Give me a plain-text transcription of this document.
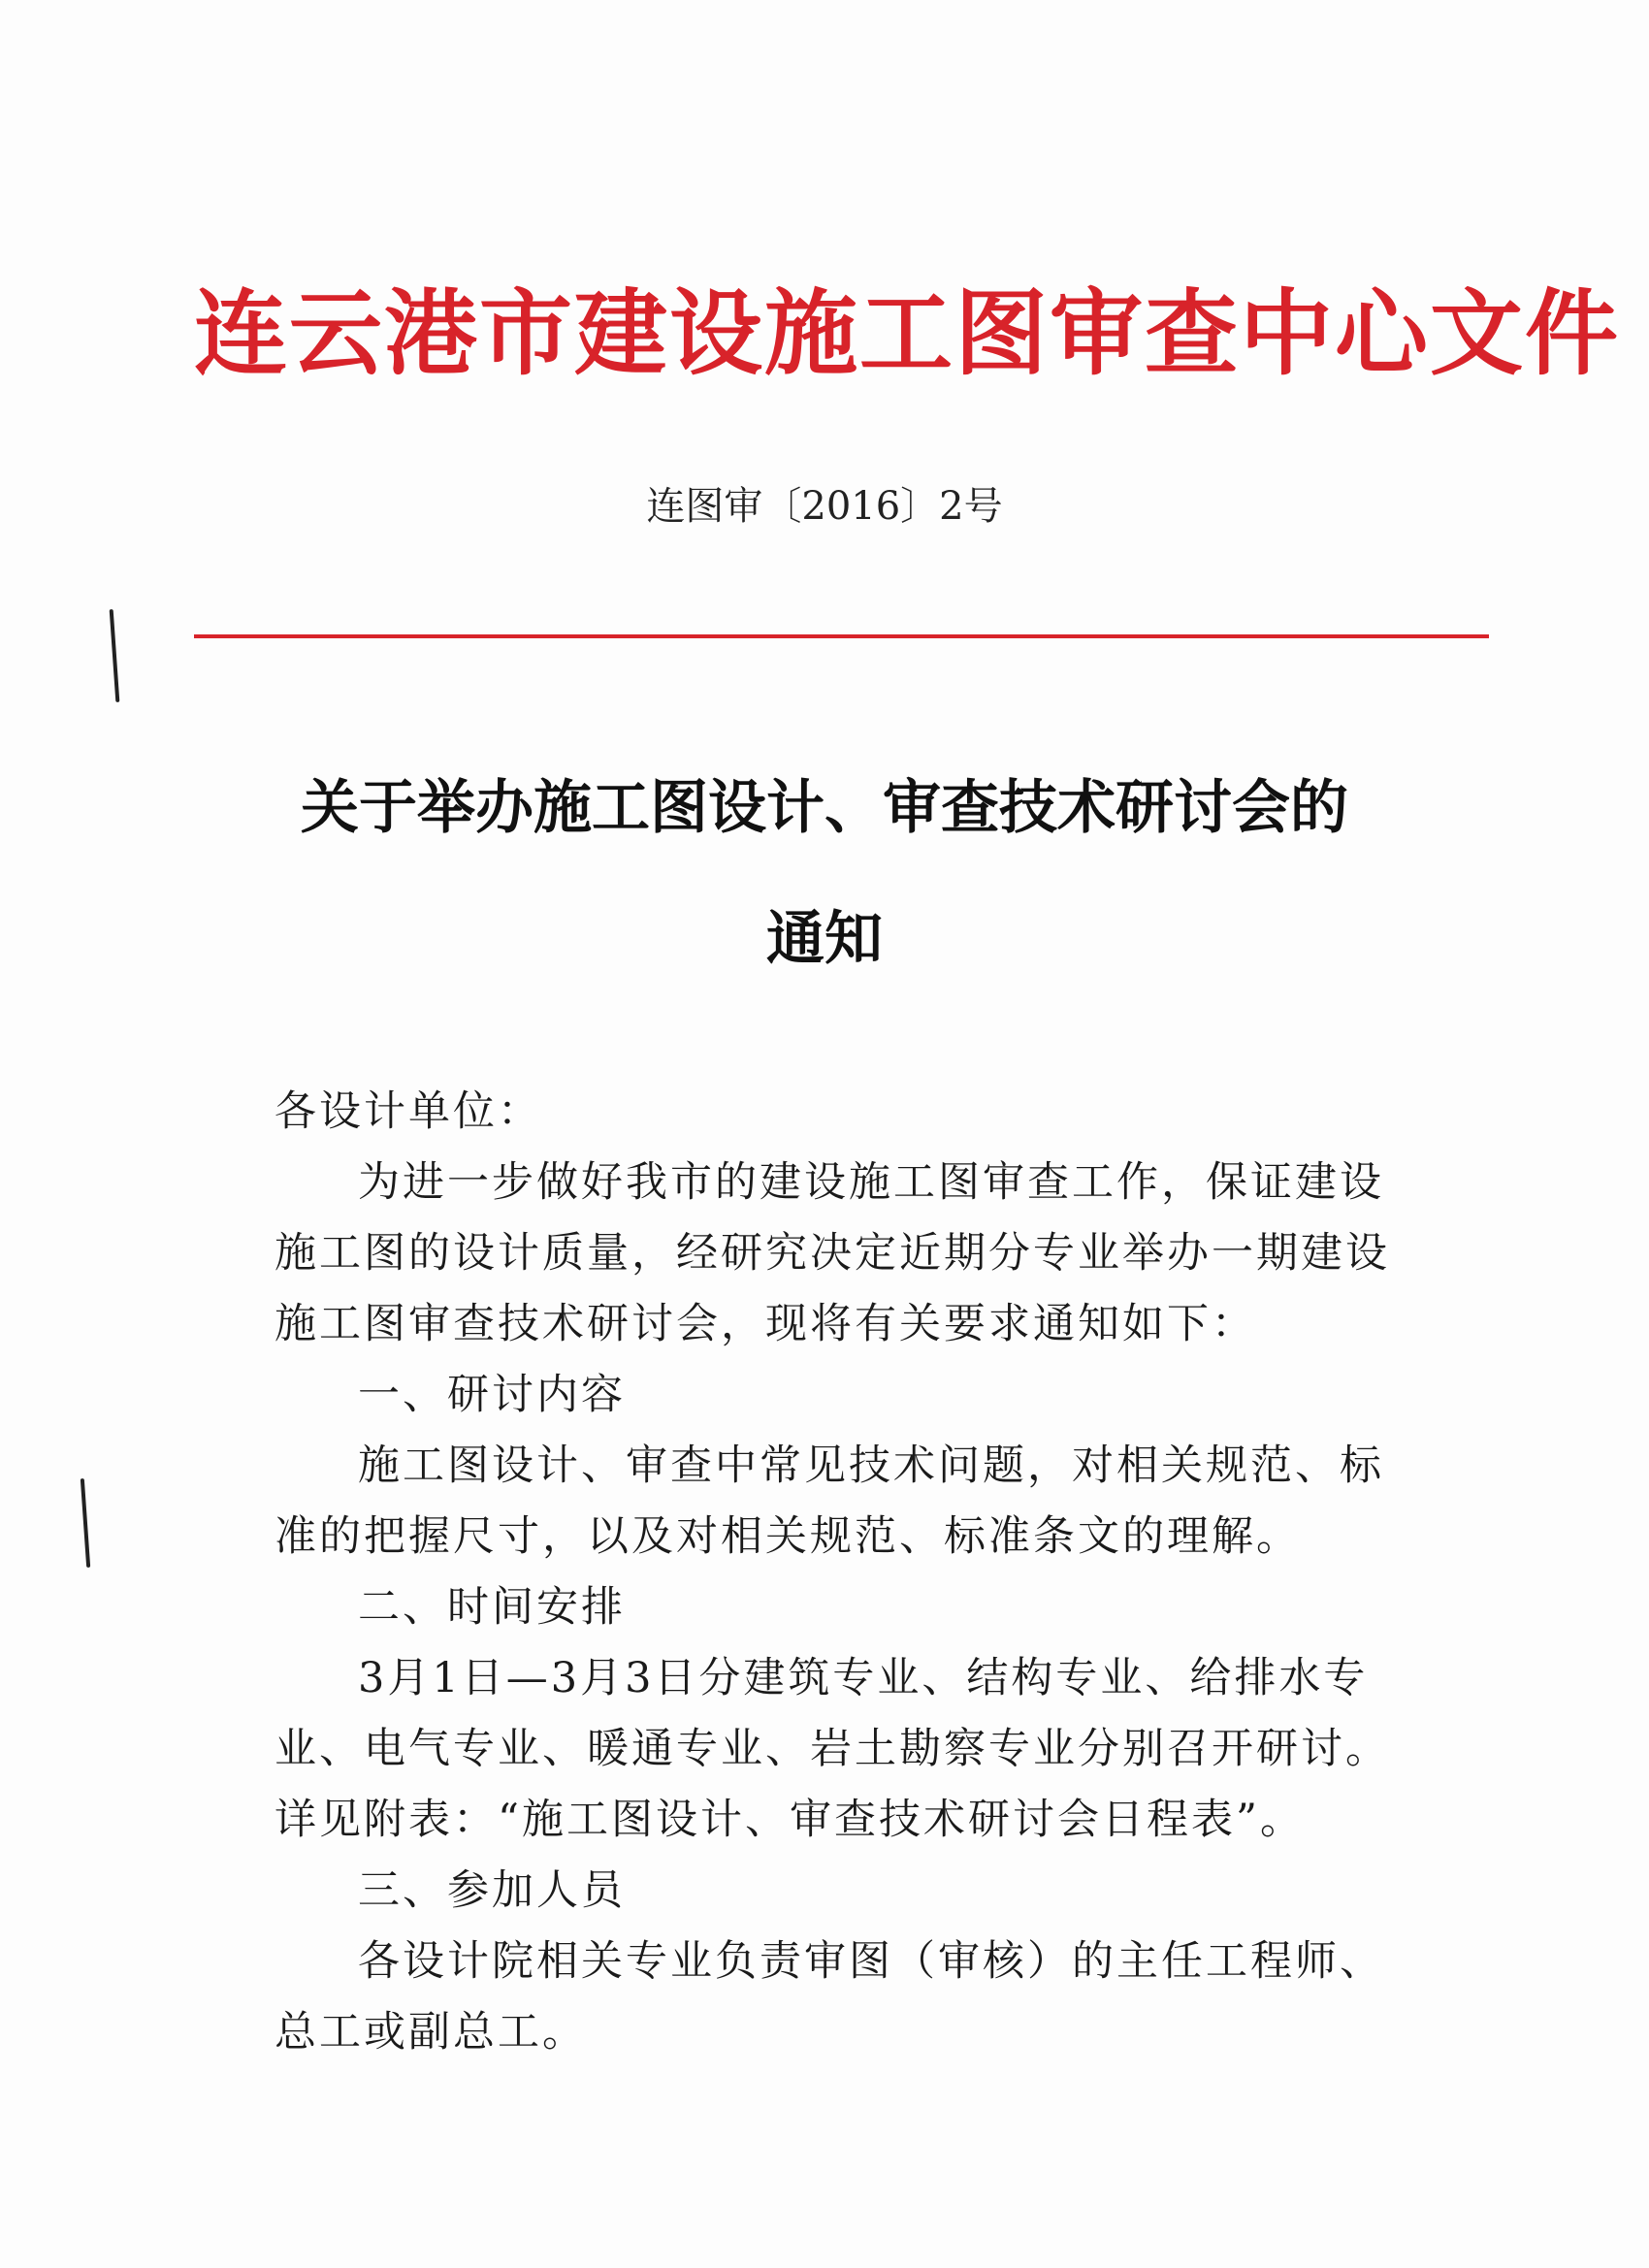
连云港市建设施工图审查中心文件
连图审〔2016〕2号
关于举办施工图设计、审查技术研讨会的
通知

各设计单位：

为进一步做好我市的建设施工图审查工作，保证建设施工图的设计质量，经研究决定近期分专业举办一期建设施工图审查技术研讨会，现将有关要求通知如下：

一、研讨内容

施工图设计、审查中常见技术问题，对相关规范、标准的把握尺寸，以及对相关规范、标准条文的理解。

二、时间安排

3月1日—3月3日分建筑专业、结构专业、给排水专业、电气专业、暖通专业、岩土勘察专业分别召开研讨。详见附表：“施工图设计、审查技术研讨会日程表”。

三、参加人员

各设计院相关专业负责审图（审核）的主任工程师、总工或副总工。
